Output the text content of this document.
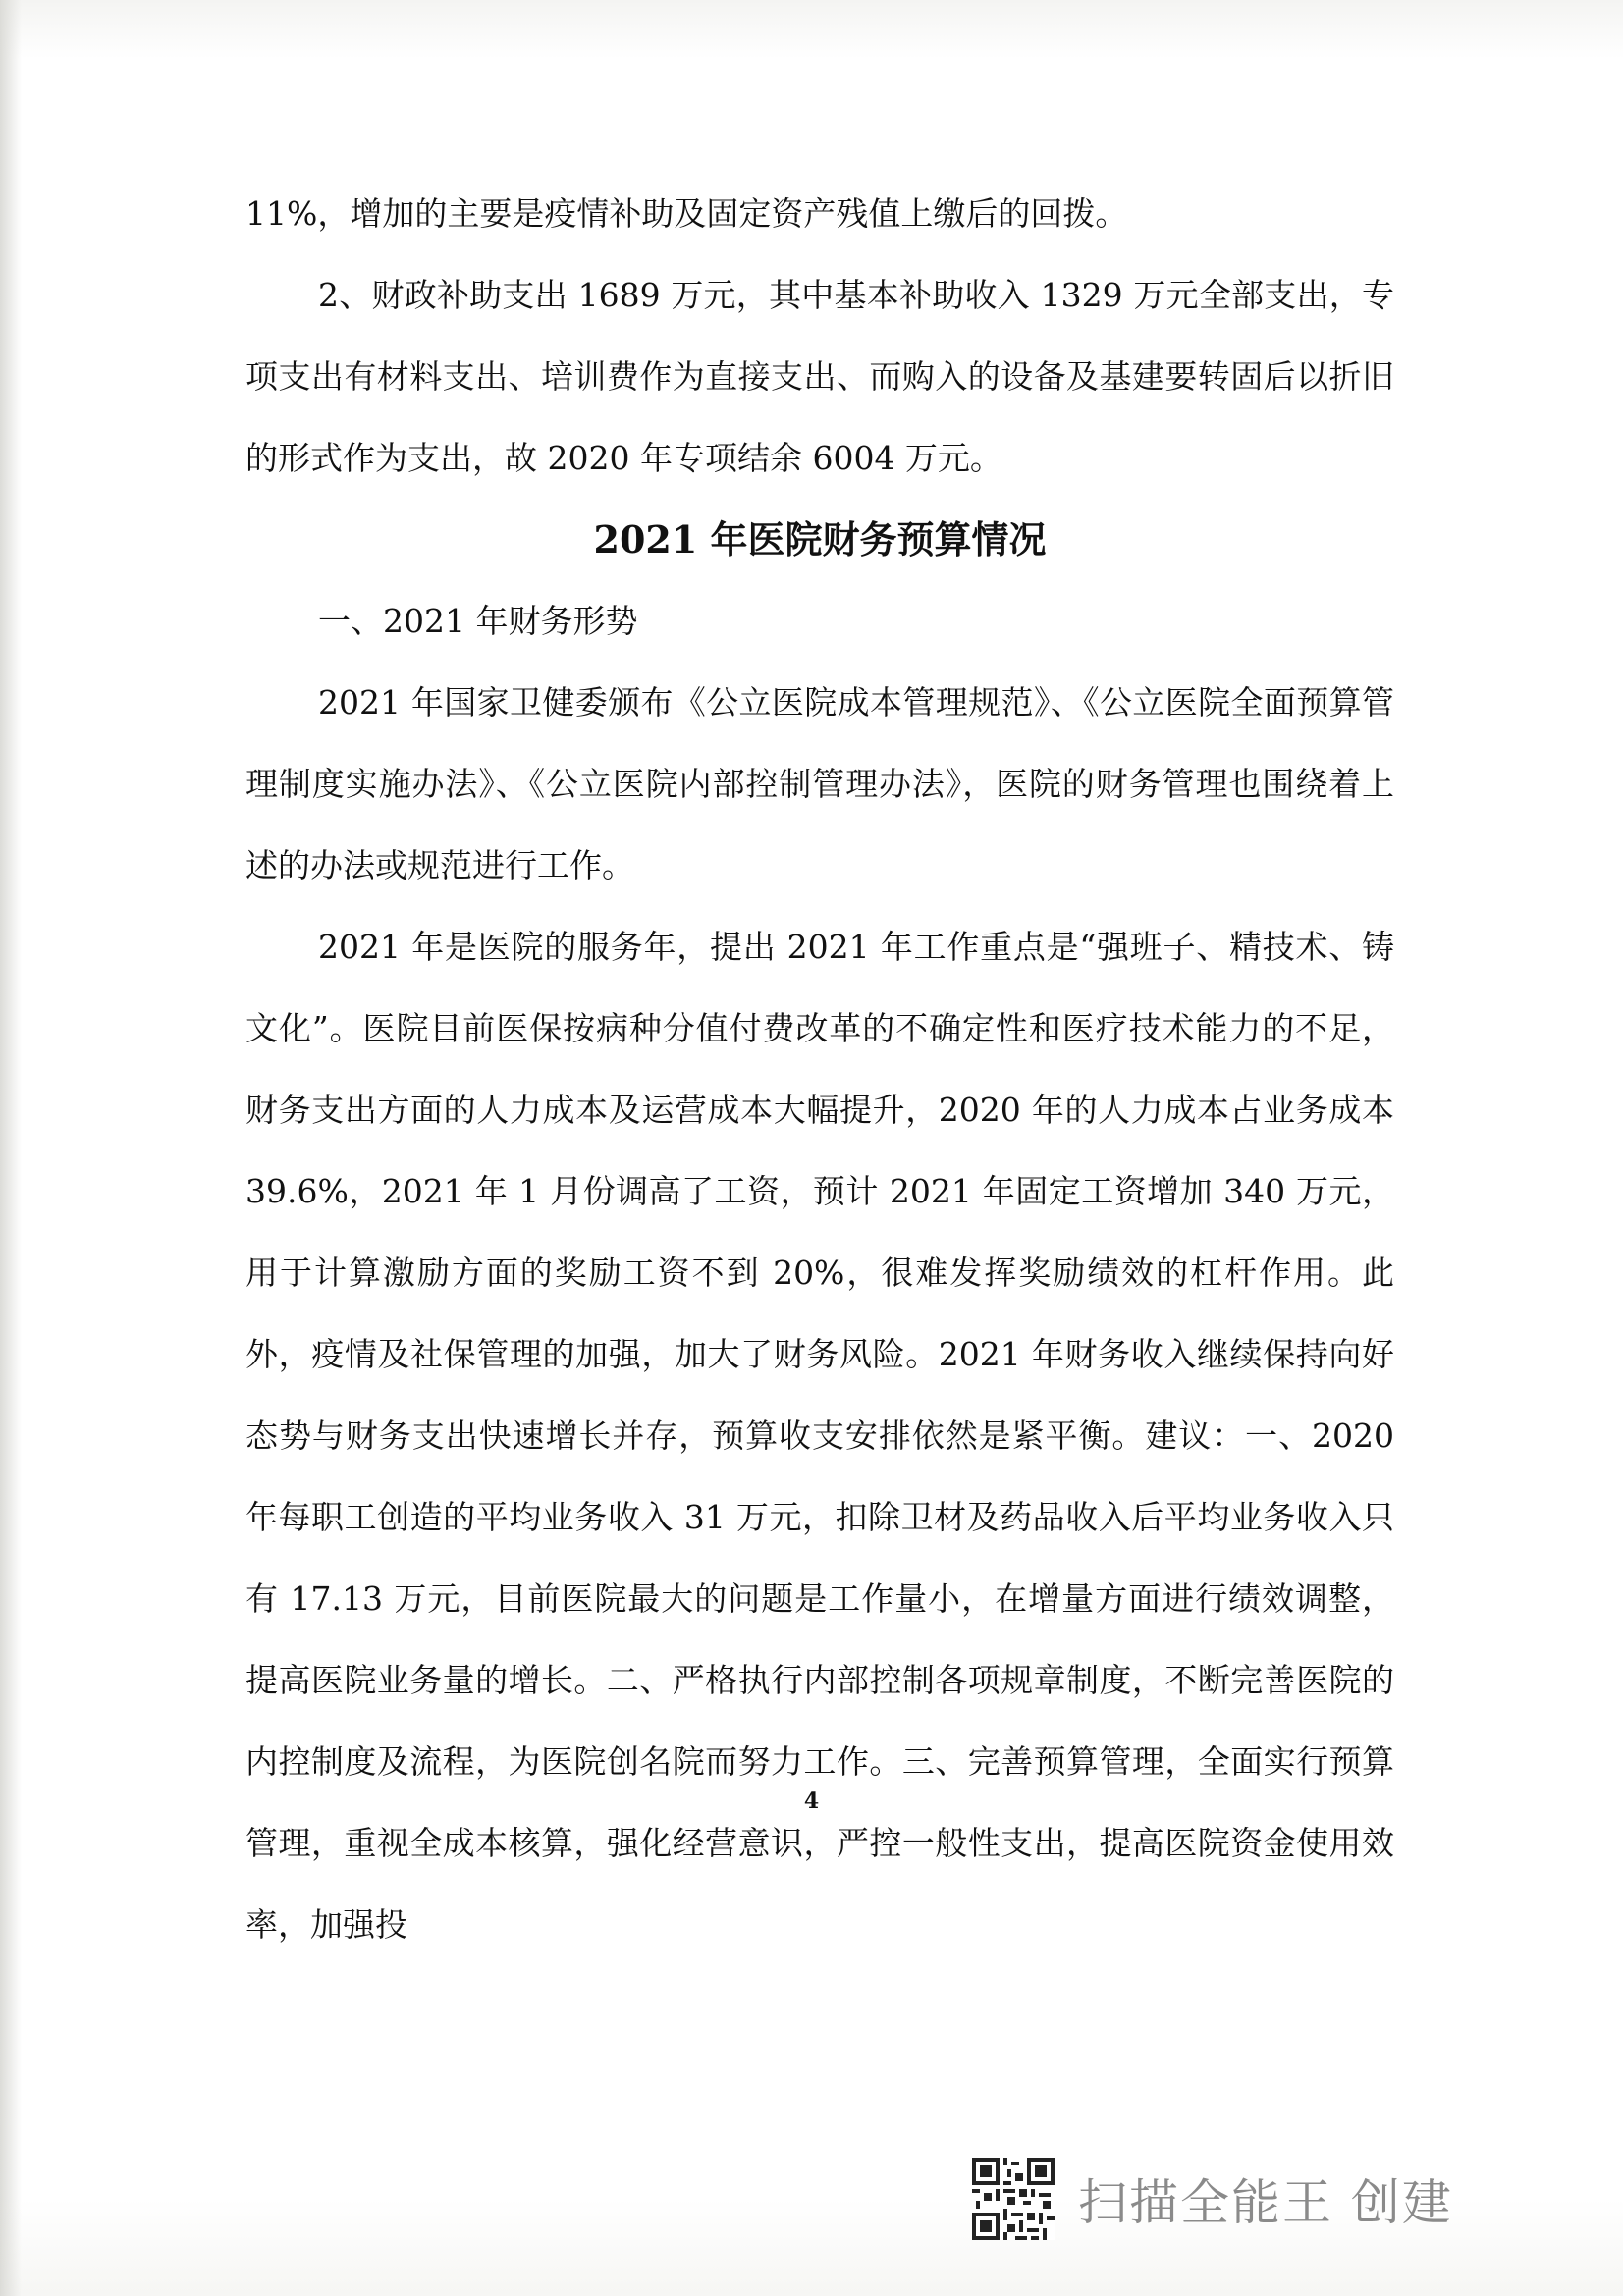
11%，增加的主要是疫情补助及固定资产残值上缴后的回拨。

2、财政补助支出 1689 万元，其中基本补助收入 1329 万元全部支出，专项支出有材料支出、培训费作为直接支出、而购入的设备及基建要转固后以折旧的形式作为支出，故 2020 年专项结余 6004 万元。

2021 年医院财务预算情况

一、2021 年财务形势

2021 年国家卫健委颁布《公立医院成本管理规范》、《公立医院全面预算管理制度实施办法》、《公立医院内部控制管理办法》，医院的财务管理也围绕着上述的办法或规范进行工作。

2021 年是医院的服务年，提出 2021 年工作重点是“强班子、精技术、铸文化”。医院目前医保按病种分值付费改革的不确定性和医疗技术能力的不足，财务支出方面的人力成本及运营成本大幅提升，2020 年的人力成本占业务成本 39.6%，2021 年 1 月份调高了工资，预计 2021 年固定工资增加 340 万元，用于计算激励方面的奖励工资不到 20%，很难发挥奖励绩效的杠杆作用。此外，疫情及社保管理的加强，加大了财务风险。2021 年财务收入继续保持向好态势与财务支出快速增长并存，预算收支安排依然是紧平衡。建议：一、2020 年每职工创造的平均业务收入 31 万元，扣除卫材及药品收入后平均业务收入只有 17.13 万元，目前医院最大的问题是工作量小，在增量方面进行绩效调整，提高医院业务量的增长。二、严格执行内部控制各项规章制度，不断完善医院的内控制度及流程，为医院创名院而努力工作。三、完善预算管理，全面实行预算管理，重视全成本核算，强化经营意识，严控一般性支出，提高医院资金使用效率，加强投

4
扫描全能王 创建
